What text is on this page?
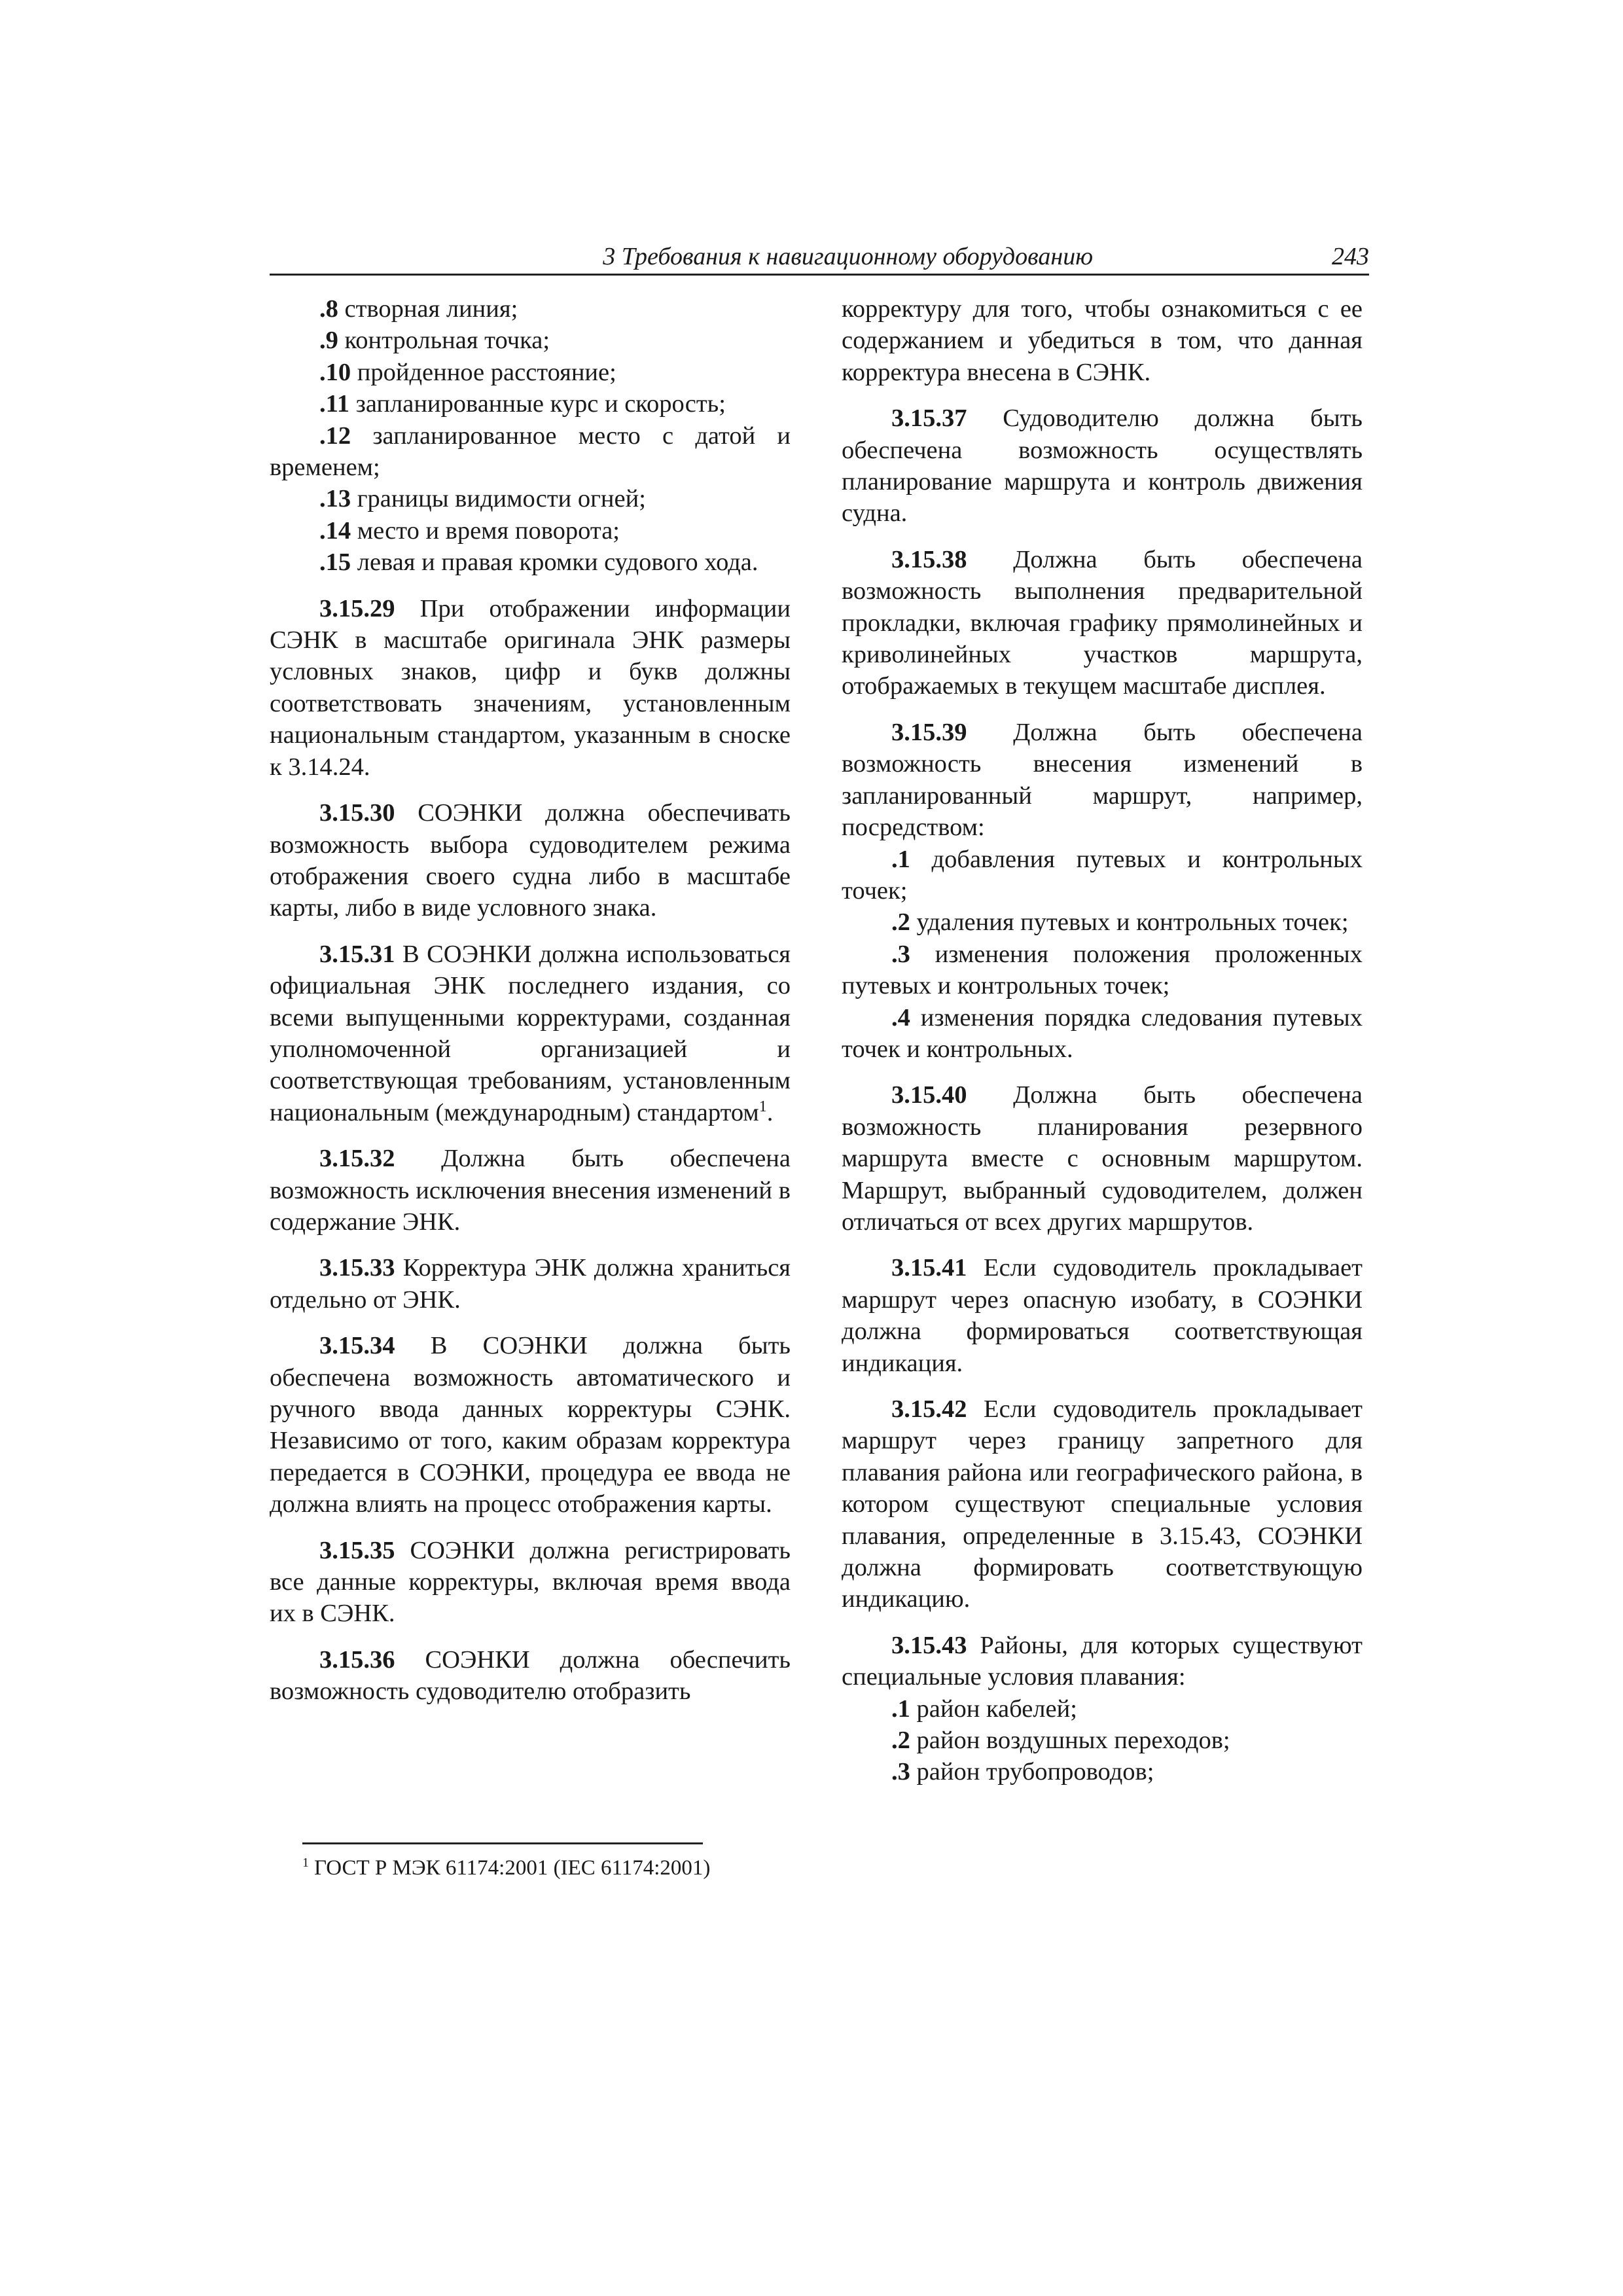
3 Требования к навигационному оборудованию	243

.8 створная линия;

.9 контрольная точка;

.10 пройденное расстояние;

.11 запланированные курс и скорость;

.12 запланированное место с датой и временем;

.13 границы видимости огней;

.14 место и время поворота;

.15 левая и правая кромки судового хода.

3.15.29 При отображении информации СЭНК в масштабе оригинала ЭНК размеры условных знаков, цифр и букв должны соответствовать значениям, установленным национальным стандартом, указанным в сноске к 3.14.24.

3.15.30 СОЭНКИ должна обеспечивать возможность выбора судоводителем режима отображения своего судна либо в масштабе карты, либо в виде условного знака.

3.15.31 В СОЭНКИ должна использоваться официальная ЭНК последнего издания, со всеми выпущенными корректурами, созданная уполномоченной организацией и соответствующая требованиям, установленным национальным (международным) стандартом$^1$.

3.15.32 Должна быть обеспечена возможность исключения внесения изменений в содержание ЭНК.

3.15.33 Корректура ЭНК должна храниться отдельно от ЭНК.

3.15.34 В СОЭНКИ должна быть обеспечена возможность автоматического и ручного ввода данных корректуры СЭНК. Независимо от того, каким образам корректура передается в СОЭНКИ, процедура ее ввода не должна влиять на процесс отображения карты.

3.15.35 СОЭНКИ должна регистрировать все данные корректуры, включая время ввода их в СЭНК.

3.15.36 СОЭНКИ должна обеспечить возможность судоводителю отобразить

$^1$ ГОСТ Р МЭК 61174:2001 (IEC 61174:2001)

корректуру для того, чтобы ознакомиться с ее содержанием и убедиться в том, что данная корректура внесена в СЭНК.

3.15.37 Судоводителю должна быть обеспечена возможность осуществлять планирование маршрута и контроль движения судна.

3.15.38 Должна быть обеспечена возможность выполнения предварительной прокладки, включая графику прямолинейных и криволинейных участков маршрута, отображаемых в текущем масштабе дисплея.

3.15.39 Должна быть обеспечена возможность внесения изменений в запланированный маршрут, например, посредством:

.1 добавления путевых и контрольных точек;

.2 удаления путевых и контрольных точек;

.3 изменения положения проложенных путевых и контрольных точек;

.4 изменения порядка следования путевых точек и контрольных.

3.15.40 Должна быть обеспечена возможность планирования резервного маршрута вместе с основным маршрутом. Маршрут, выбранный судоводителем, должен отличаться от всех других маршрутов.

3.15.41 Если судоводитель прокладывает маршрут через опасную изобату, в СОЭНКИ должна формироваться соответствующая индикация.

3.15.42 Если судоводитель прокладывает маршрут через границу запретного для плавания района или географического района, в котором существуют специальные условия плавания, определенные в 3.15.43, СОЭНКИ должна формировать соответствующую индикацию.

3.15.43 Районы, для которых существуют специальные условия плавания:

.1 район кабелей;

.2 район воздушных переходов;

.3 район трубопроводов;
